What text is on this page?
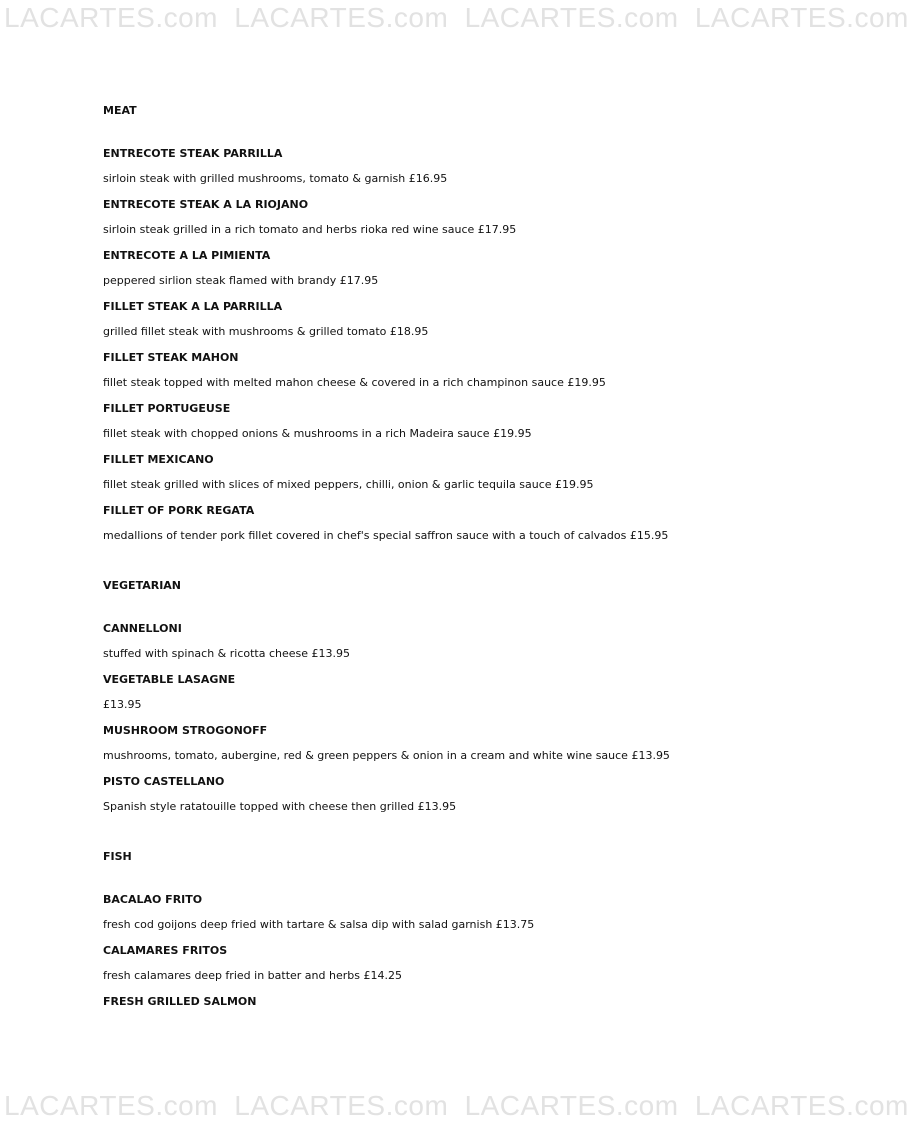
LACARTES.com LACARTES.com LACARTES.com LACARTES.com
MEAT
ENTRECOTE STEAK PARRILLA
sirloin steak with grilled mushrooms, tomato & garnish £16.95
ENTRECOTE STEAK A LA RIOJANO
sirloin steak grilled in a rich tomato and herbs rioka red wine sauce £17.95
ENTRECOTE A LA PIMIENTA
peppered sirlion steak flamed with brandy £17.95
FILLET STEAK A LA PARRILLA
grilled fillet steak with mushrooms & grilled tomato £18.95
FILLET STEAK MAHON
fillet steak topped with melted mahon cheese & covered in a rich champinon sauce £19.95
FILLET PORTUGEUSE
fillet steak with chopped onions & mushrooms in a rich Madeira sauce £19.95
FILLET MEXICANO
fillet steak grilled with slices of mixed peppers, chilli, onion & garlic tequila sauce £19.95
FILLET OF PORK REGATA
medallions of tender pork fillet covered in chef's special saffron sauce with a touch of calvados £15.95
VEGETARIAN
CANNELLONI
stuffed with spinach & ricotta cheese £13.95
VEGETABLE LASAGNE
£13.95
MUSHROOM STROGONOFF
mushrooms, tomato, aubergine, red & green peppers & onion in a cream and white wine sauce £13.95
PISTO CASTELLANO
Spanish style ratatouille topped with cheese then grilled £13.95
FISH
BACALAO FRITO
fresh cod goijons deep fried with tartare & salsa dip with salad garnish £13.75
CALAMARES FRITOS
fresh calamares deep fried in batter and herbs £14.25
FRESH GRILLED SALMON
LACARTES.com LACARTES.com LACARTES.com LACARTES.com
